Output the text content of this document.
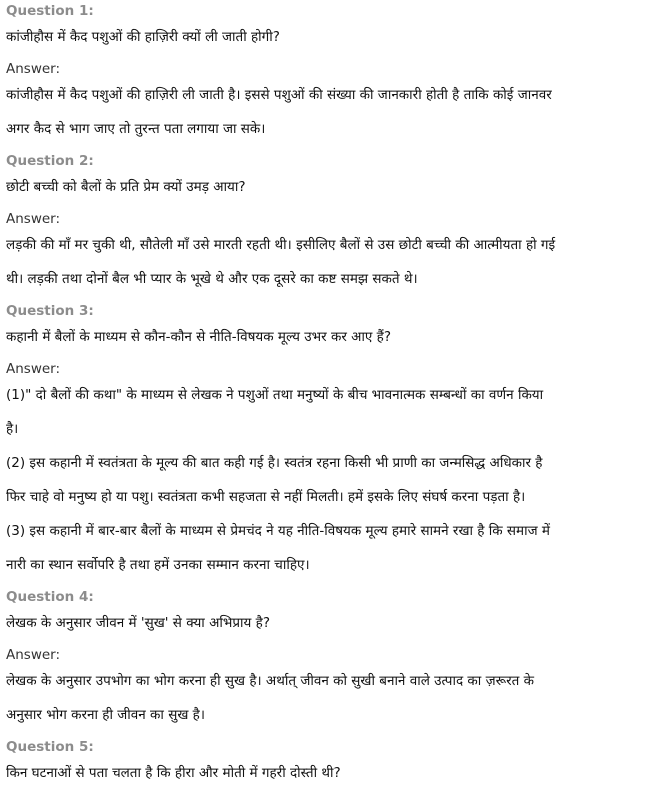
Question 1:
कांजीहौस में कैद पशुओं की हाज़िरी क्यों ली जाती होगी?
Answer:
कांजीहौस में कैद पशुओं की हाज़िरी ली जाती है। इससे पशुओं की संख्या की जानकारी होती है ताकि कोई जानवर
अगर कैद से भाग जाए तो तुरन्त पता लगाया जा सके।
Question 2:
छोटी बच्ची को बैलों के प्रति प्रेम क्यों उमड़ आया?
Answer:
लड़की की माँ मर चुकी थी, सौतेली माँ उसे मारती रहती थी। इसीलिए बैलों से उस छोटी बच्ची की आत्मीयता हो गई
थी। लड़की तथा दोनों बैल भी प्यार के भूखे थे और एक दूसरे का कष्ट समझ सकते थे।
Question 3:
कहानी में बैलों के माध्यम से कौन-कौन से नीति-विषयक मूल्य उभर कर आए हैं?
Answer:
(1)" दो बैलों की कथा" के माध्यम से लेखक ने पशुओं तथा मनुष्यों के बीच भावनात्मक सम्बन्धों का वर्णन किया
है।
(2) इस कहानी में स्वतंत्रता के मूल्य की बात कही गई है। स्वतंत्र रहना किसी भी प्राणी का जन्मसिद्ध अधिकार है
फिर चाहे वो मनुष्य हो या पशु। स्वतंत्रता कभी सहजता से नहीं मिलती। हमें इसके लिए संघर्ष करना पड़ता है।
(3) इस कहानी में बार-बार बैलों के माध्यम से प्रेमचंद ने यह नीति-विषयक मूल्य हमारे सामने रखा है कि समाज में
नारी का स्थान सर्वोपरि है तथा हमें उनका सम्मान करना चाहिए।
Question 4:
लेखक के अनुसार जीवन में 'सुख' से क्या अभिप्राय है?
Answer:
लेखक के अनुसार उपभोग का भोग करना ही सुख है। अर्थात् जीवन को सुखी बनाने वाले उत्पाद का ज़रूरत के
अनुसार भोग करना ही जीवन का सुख है।
Question 5:
किन घटनाओं से पता चलता है कि हीरा और मोती में गहरी दोस्ती थी?
